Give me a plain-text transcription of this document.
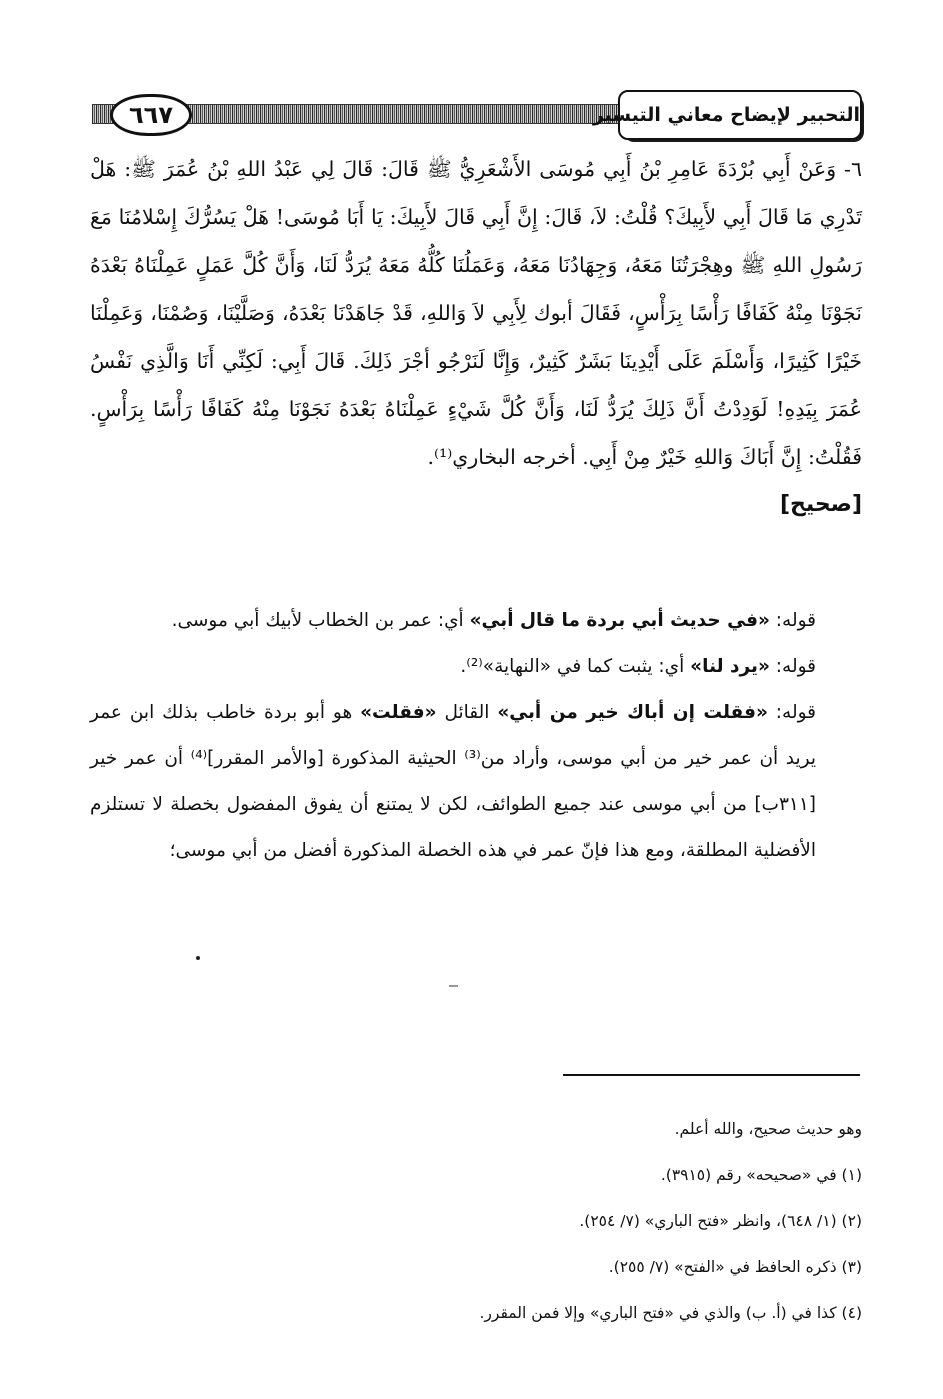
٦٦٧	التحبير لإيضاح معاني التيسير

٦- وَعَنْ أَبِي بُرْدَةَ عَامِرِ بْنُ أَبِي مُوسَى الأَشْعَرِيُّ ﷺ قَالَ: قَالَ لِي عَبْدُ اللهِ بْنُ عُمَرَ ﷺ: هَلْ تَدْرِي مَا قَالَ أَبِي لأَبِيكَ؟ قُلْتُ: لاَ، قَالَ: إِنَّ أَبِي قَالَ لأَبِيكَ: يَا أَبَا مُوسَى! هَلْ يَسُرُّكَ إِسْلامُنَا مَعَ رَسُولِ اللهِ ﷺ وهِجْرَتُنَا مَعَهُ، وَجِهَادُنَا مَعَهُ، وَعَمَلُنَا كُلُّهُ مَعَهُ يُرَدُّ لَنَا، وَأَنَّ كُلَّ عَمَلٍ عَمِلْنَاهُ بَعْدَهُ نَجَوْنَا مِنْهُ كَفَافًا رَأْسًا بِرَأْسٍ، فَقَالَ أبوك لِأَبِي لاَ وَاللهِ، قَدْ جَاهَدْنَا بَعْدَهُ، وَصَلَّيْنَا، وَصُمْنَا، وَعَمِلْنَا خَيْرًا كَثِيرًا، وَأَسْلَمَ عَلَى أَيْدِينَا بَشَرٌ كَثِيرٌ، وَإِنَّا لَنَرْجُو أجْرَ ذَلِكَ. قَالَ أَبِي: لَكِنِّي أَنَا وَالَّذِي نَفْسُ عُمَرَ بِيَدِهِ! لَوَدِدْتُ أَنَّ ذَلِكَ يُرَدُّ لَنَا، وَأَنَّ كُلَّ شَيْءٍ عَمِلْنَاهُ بَعْدَهُ نَجَوْنَا مِنْهُ كَفَافًا رَأْسًا بِرَأْسٍ. فَقُلْتُ: إِنَّ أَبَاكَ وَاللهِ خَيْرٌ مِنْ أَبِي. أخرجه البخاري⁽¹⁾.

[صحيح]

قوله: «في حديث أبي بردة ما قال أبي» أي: عمر بن الخطاب لأبيك أبي موسى.

قوله: «يرد لنا» أي: يثبت كما في «النهاية»⁽²⁾.

قوله: «فقلت إن أباك خير من أبي» القائل «فقلت» هو أبو بردة خاطب بذلك ابن عمر يريد أن عمر خير من أبي موسى، وأراد من⁽³⁾ الحيثية المذكورة [والأمر المقرر]⁽⁴⁾ أن عمر خير [٣١١ب] من أبي موسى عند جميع الطوائف، لكن لا يمتنع أن يفوق المفضول بخصلة لا تستلزم الأفضلية المطلقة، ومع هذا فإنّ عمر في هذه الخصلة المذكورة أفضل من أبي موسى؛

وهو حديث صحيح، والله أعلم.

(١) في «صحيحه» رقم (٣٩١٥).

(٢) (١/ ٦٤٨)، وانظر «فتح الباري» (٧/ ٢٥٤).

(٣) ذكره الحافظ في «الفتح» (٧/ ٢٥٥).

(٤) كذا في (أ. ب) والذي في «فتح الباري» وإلا فمن المقرر.
